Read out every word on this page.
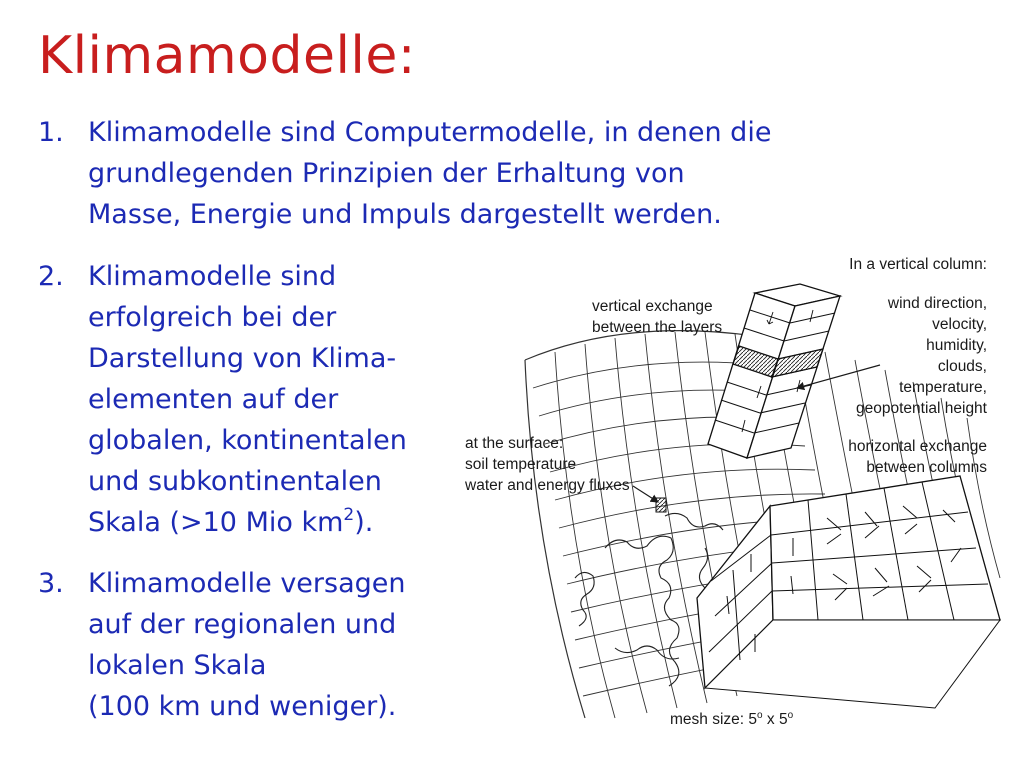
Klimamodelle:
1. Klimamodelle sind Computermodelle, in denen die
grundlegenden Prinzipien der Erhaltung von
Masse, Energie und Impuls dargestellt werden.
2. Klimamodelle sind
erfolgreich bei der
Darstellung von Klima-
elementen auf der
globalen, kontinentalen
und subkontinentalen
Skala (>10 Mio $km^2$).
3. Klimamodelle versagen
auf der regionalen und
lokalen Skala
(100 km und weniger).
In a vertical column:
wind direction,
velocity,
humidity,
clouds,
temperature,
geopotential height
vertical exchange
between the layers
horizontal exchange
between columns
at the surface:
soil temperature
water and energy fluxes
mesh size: 5$^o$ x 5$^o$
